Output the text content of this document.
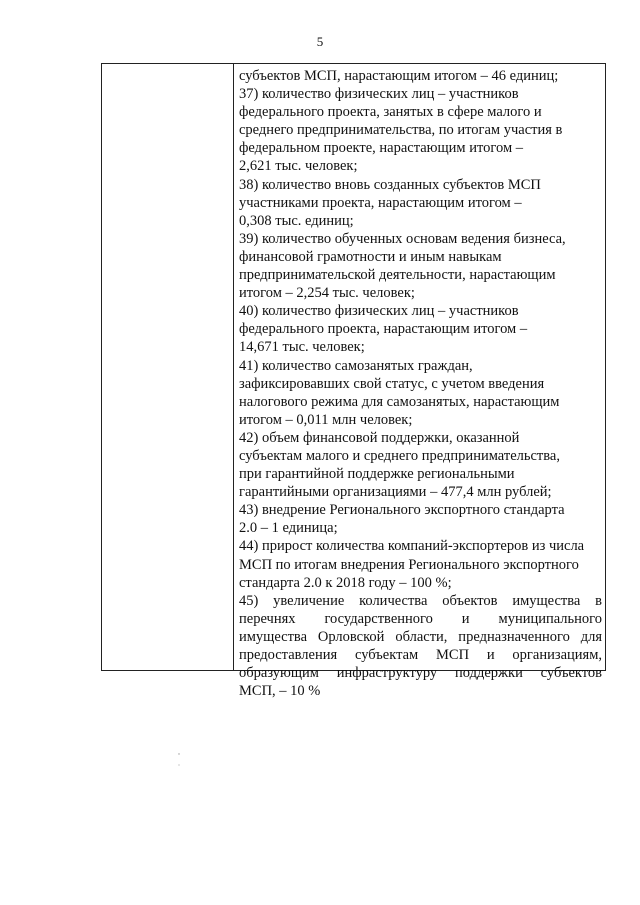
5
субъектов МСП, нарастающим итогом – 46 единиц;
37) количество физических лиц – участников
федерального проекта, занятых в сфере малого и
среднего предпринимательства, по итогам участия в
федеральном проекте, нарастающим итогом –
2,621 тыс. человек;
38) количество вновь созданных субъектов МСП
участниками проекта, нарастающим итогом –
0,308 тыс. единиц;
39) количество обученных основам ведения бизнеса,
финансовой грамотности и иным навыкам
предпринимательской деятельности, нарастающим
итогом – 2,254 тыс. человек;
40) количество физических лиц – участников
федерального проекта, нарастающим итогом –
14,671 тыс. человек;
41) количество самозанятых граждан,
зафиксировавших свой статус, с учетом введения
налогового режима для самозанятых, нарастающим
итогом – 0,011 млн человек;
42) объем финансовой поддержки, оказанной
субъектам малого и среднего предпринимательства,
при гарантийной поддержке региональными
гарантийными организациями – 477,4 млн рублей;
43) внедрение Регионального экспортного стандарта
2.0 – 1 единица;
44) прирост количества компаний-экспортеров из числа
МСП по итогам внедрения Регионального экспортного
стандарта 2.0 к 2018 году – 100 %;
45) увеличение количества объектов имущества в
перечнях государственного и муниципального
имущества Орловской области, предназначенного для
предоставления субъектам МСП и организациям,
образующим инфраструктуру поддержки субъектов
МСП, – 10 %
